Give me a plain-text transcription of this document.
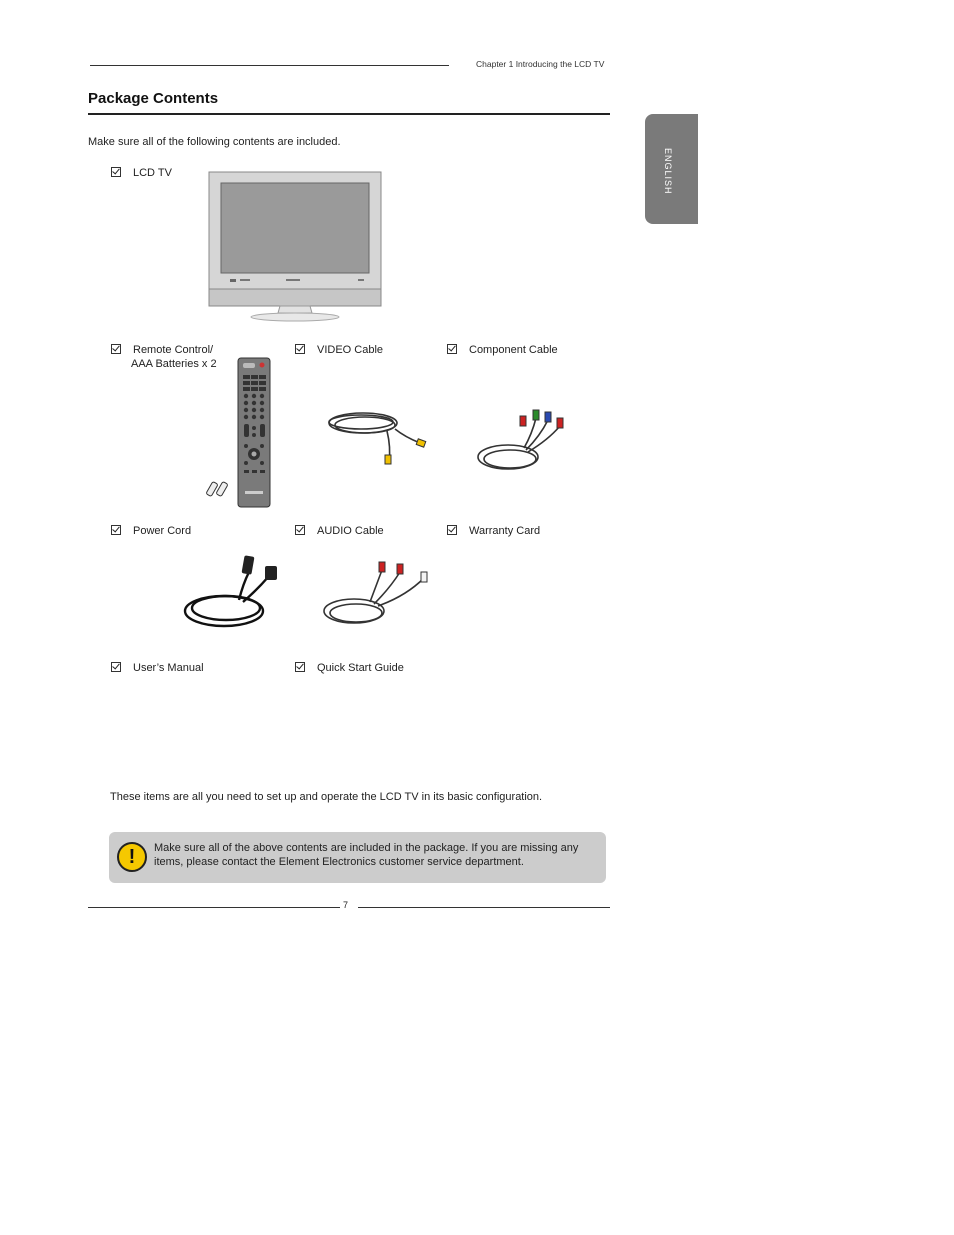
Chapter 1 Introducing the LCD TV
Package Contents
Make sure all of the following contents are included.
ENGLISH
LCD TV
Remote Control/
AAA Batteries x 2
VIDEO Cable	Component Cable
Power Cord	AUDIO Cable	Warranty Card
User’s Manual	Quick Start Guide
These items are all you need to set up and operate the LCD TV in its basic configuration.
!	Make sure all of the above contents are included in the package. If you are missing any items, please contact the Element Electronics customer service department.
7
